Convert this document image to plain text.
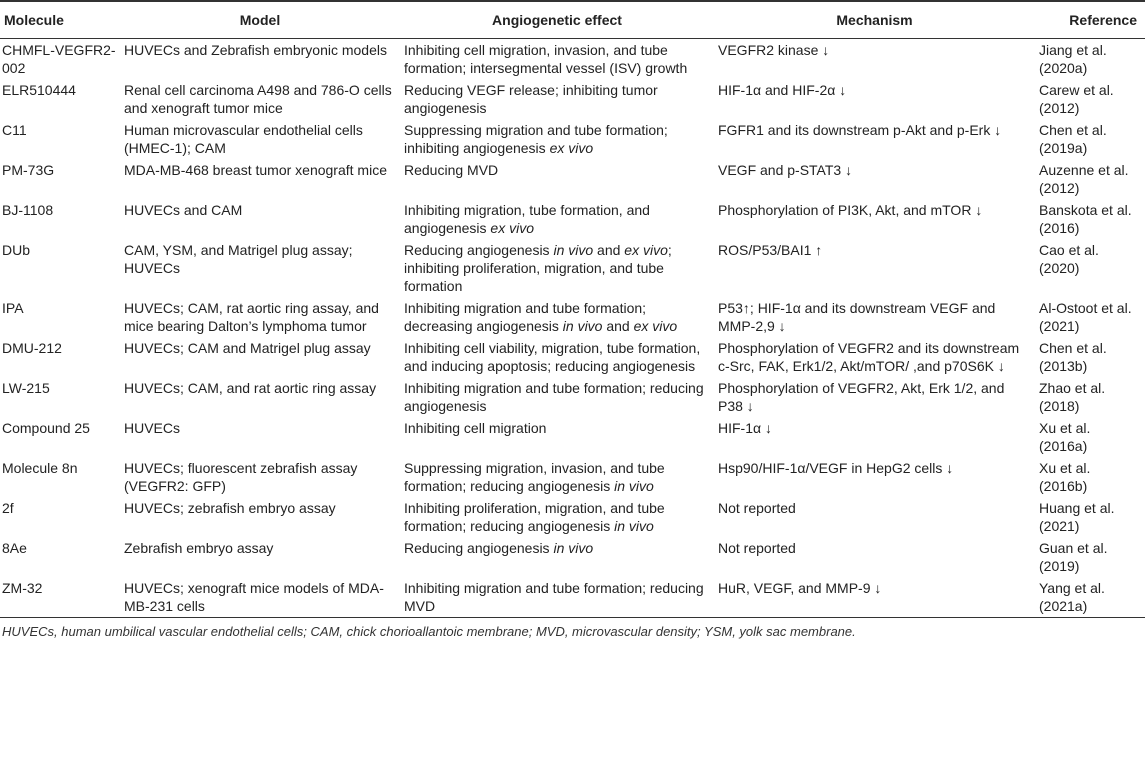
Molecule	Model	Angiogenetic effect	Mechanism	Reference
CHMFL-VEGFR2-002	HUVECs and Zebrafish embryonic models	Inhibiting cell migration, invasion, and tube formation; intersegmental vessel (ISV) growth	VEGFR2 kinase ↓	Jiang et al. (2020a)
ELR510444	Renal cell carcinoma A498 and 786-O cells and xenograft tumor mice	Reducing VEGF release; inhibiting tumor angiogenesis	HIF-1α and HIF-2α ↓	Carew et al. (2012)
C11	Human microvascular endothelial cells (HMEC-1); CAM	Suppressing migration and tube formation; inhibiting angiogenesis ex vivo	FGFR1 and its downstream p-Akt and p-Erk ↓	Chen et al. (2019a)
PM-73G	MDA-MB-468 breast tumor xenograft mice	Reducing MVD	VEGF and p-STAT3 ↓	Auzenne et al. (2012)
BJ-1108	HUVECs and CAM	Inhibiting migration, tube formation, and angiogenesis ex vivo	Phosphorylation of PI3K, Akt, and mTOR ↓	Banskota et al. (2016)
DUb	CAM, YSM, and Matrigel plug assay; HUVECs	Reducing angiogenesis in vivo and ex vivo; inhibiting proliferation, migration, and tube formation	ROS/P53/BAI1 ↑	Cao et al. (2020)
IPA	HUVECs; CAM, rat aortic ring assay, and mice bearing Dalton’s lymphoma tumor	Inhibiting migration and tube formation; decreasing angiogenesis in vivo and ex vivo	P53↑; HIF-1α and its downstream VEGF and MMP-2,9 ↓	Al-Ostoot et al. (2021)
DMU-212	HUVECs; CAM and Matrigel plug assay	Inhibiting cell viability, migration, tube formation, and inducing apoptosis; reducing angiogenesis	Phosphorylation of VEGFR2 and its downstream c-Src, FAK, Erk1/2, Akt/mTOR/ ,and p70S6K ↓	Chen et al. (2013b)
LW-215	HUVECs; CAM, and rat aortic ring assay	Inhibiting migration and tube formation; reducing angiogenesis	Phosphorylation of VEGFR2, Akt, Erk 1/2, and P38 ↓	Zhao et al. (2018)
Compound 25	HUVECs	Inhibiting cell migration	HIF-1α ↓	Xu et al. (2016a)
Molecule 8n	HUVECs; fluorescent zebrafish assay (VEGFR2: GFP)	Suppressing migration, invasion, and tube formation; reducing angiogenesis in vivo	Hsp90/HIF-1α/VEGF in HepG2 cells ↓	Xu et al. (2016b)
2f	HUVECs; zebrafish embryo assay	Inhibiting proliferation, migration, and tube formation; reducing angiogenesis in vivo	Not reported	Huang et al. (2021)
8Ae	Zebrafish embryo assay	Reducing angiogenesis in vivo	Not reported	Guan et al. (2019)
ZM-32	HUVECs; xenograft mice models of MDA-MB-231 cells	Inhibiting migration and tube formation; reducing MVD	HuR, VEGF, and MMP-9 ↓	Yang et al. (2021a)
HUVECs, human umbilical vascular endothelial cells; CAM, chick chorioallantoic membrane; MVD, microvascular density; YSM, yolk sac membrane.
